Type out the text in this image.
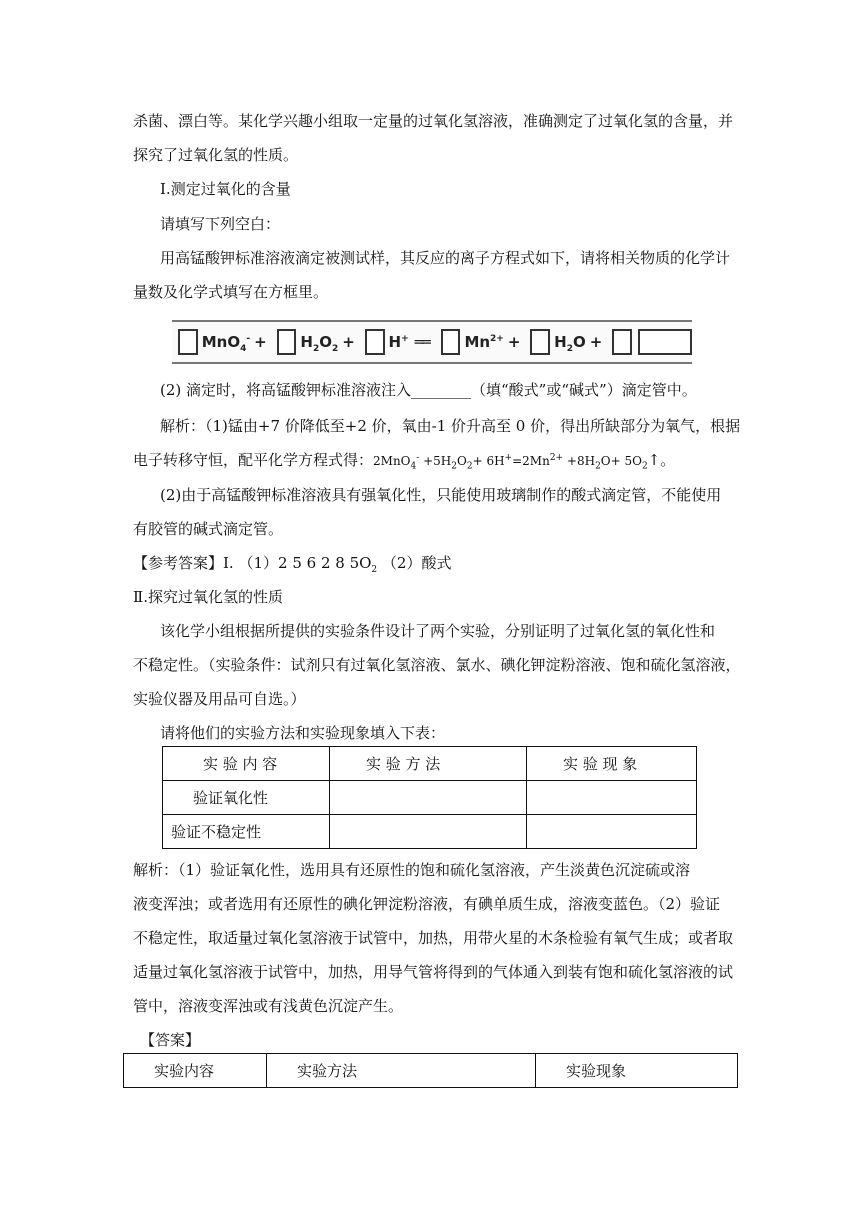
杀菌、漂白等。某化学兴趣小组取一定量的过氧化氢溶液，准确测定了过氧化氢的含量，并
探究了过氧化氢的性质。
Ⅰ.测定过氧化的含量
请填写下列空白：
用高锰酸钾标准溶液滴定被测试样，其反应的离子方程式如下，请将相关物质的化学计
量数及化学式填写在方框里。
$MnO_4^- + H_2O_2 + H^+$ ══ $Mn^{2+} + H_2O$ +
(2) 滴定时，将高锰酸钾标准溶液注入________（填“酸式”或“碱式”）滴定管中。
解析：（1)锰由+7 价降低至+2 价，氧由-1 价升高至 0 价，得出所缺部分为氧气，根据
电子转移守恒，配平化学方程式得：$2MnO_4^- +5H_2O_2+ 6H^+=2Mn^{2+} +8H_2O+$ $5O_2↑$。
(2)由于高锰酸钾标准溶液具有强氧化性，只能使用玻璃制作的酸式滴定管，不能使用
有胶管的碱式滴定管。
【参考答案】Ⅰ. （1）2 5 6 2 8 $5O_2$ （2）酸式
Ⅱ.探究过氧化氢的性质
该化学小组根据所提供的实验条件设计了两个实验，分别证明了过氧化氢的氧化性和
不稳定性。（实验条件：试剂只有过氧化氢溶液、氯水、碘化钾淀粉溶液、饱和硫化氢溶液，
实验仪器及用品可自选。）
请将他们的实验方法和实验现象填入下表：
实 验 内 容	实 验 方 法	实 验 现 象
验证氧化性		
验证不稳定性		
解析：（1）验证氧化性，选用具有还原性的饱和硫化氢溶液，产生淡黄色沉淀硫或溶
液变浑浊；或者选用有还原性的碘化钾淀粉溶液，有碘单质生成，溶液变蓝色。（2）验证
不稳定性，取适量过氧化氢溶液于试管中，加热，用带火星的木条检验有氧气生成；或者取
适量过氧化氢溶液于试管中，加热，用导气管将得到的气体通入到装有饱和硫化氢溶液的试
管中，溶液变浑浊或有浅黄色沉淀产生。
【答案】
实验内容	实验方法	实验现象
